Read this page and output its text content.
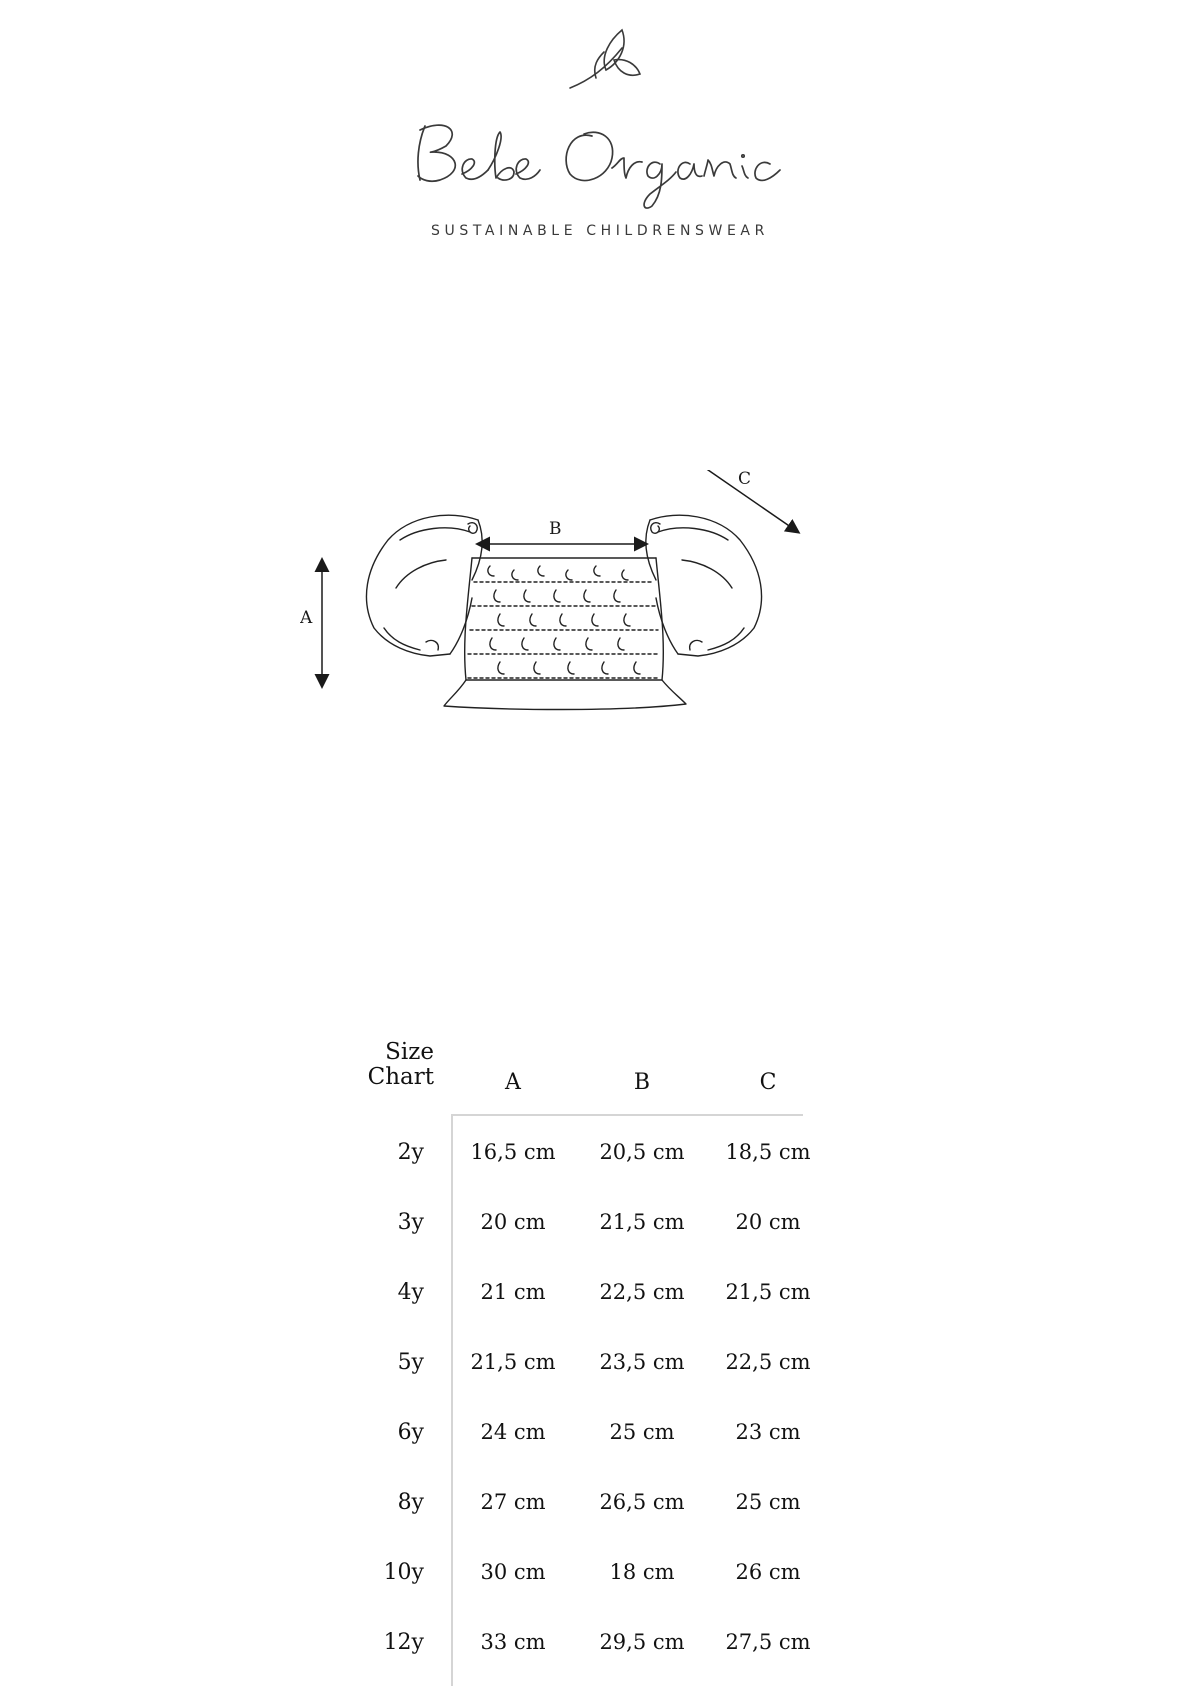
SUSTAINABLE CHILDRENSWEAR
A
B
C
Size
Chart	A	B	C
2y	16,5 cm	20,5 cm	18,5 cm
3y	20 cm	21,5 cm	20 cm
4y	21 cm	22,5 cm	21,5 cm
5y	21,5 cm	23,5 cm	22,5 cm
6y	24 cm	25 cm	23 cm
8y	27 cm	26,5 cm	25 cm
10y	30 cm	18 cm	26 cm
12y	33 cm	29,5 cm	27,5 cm
